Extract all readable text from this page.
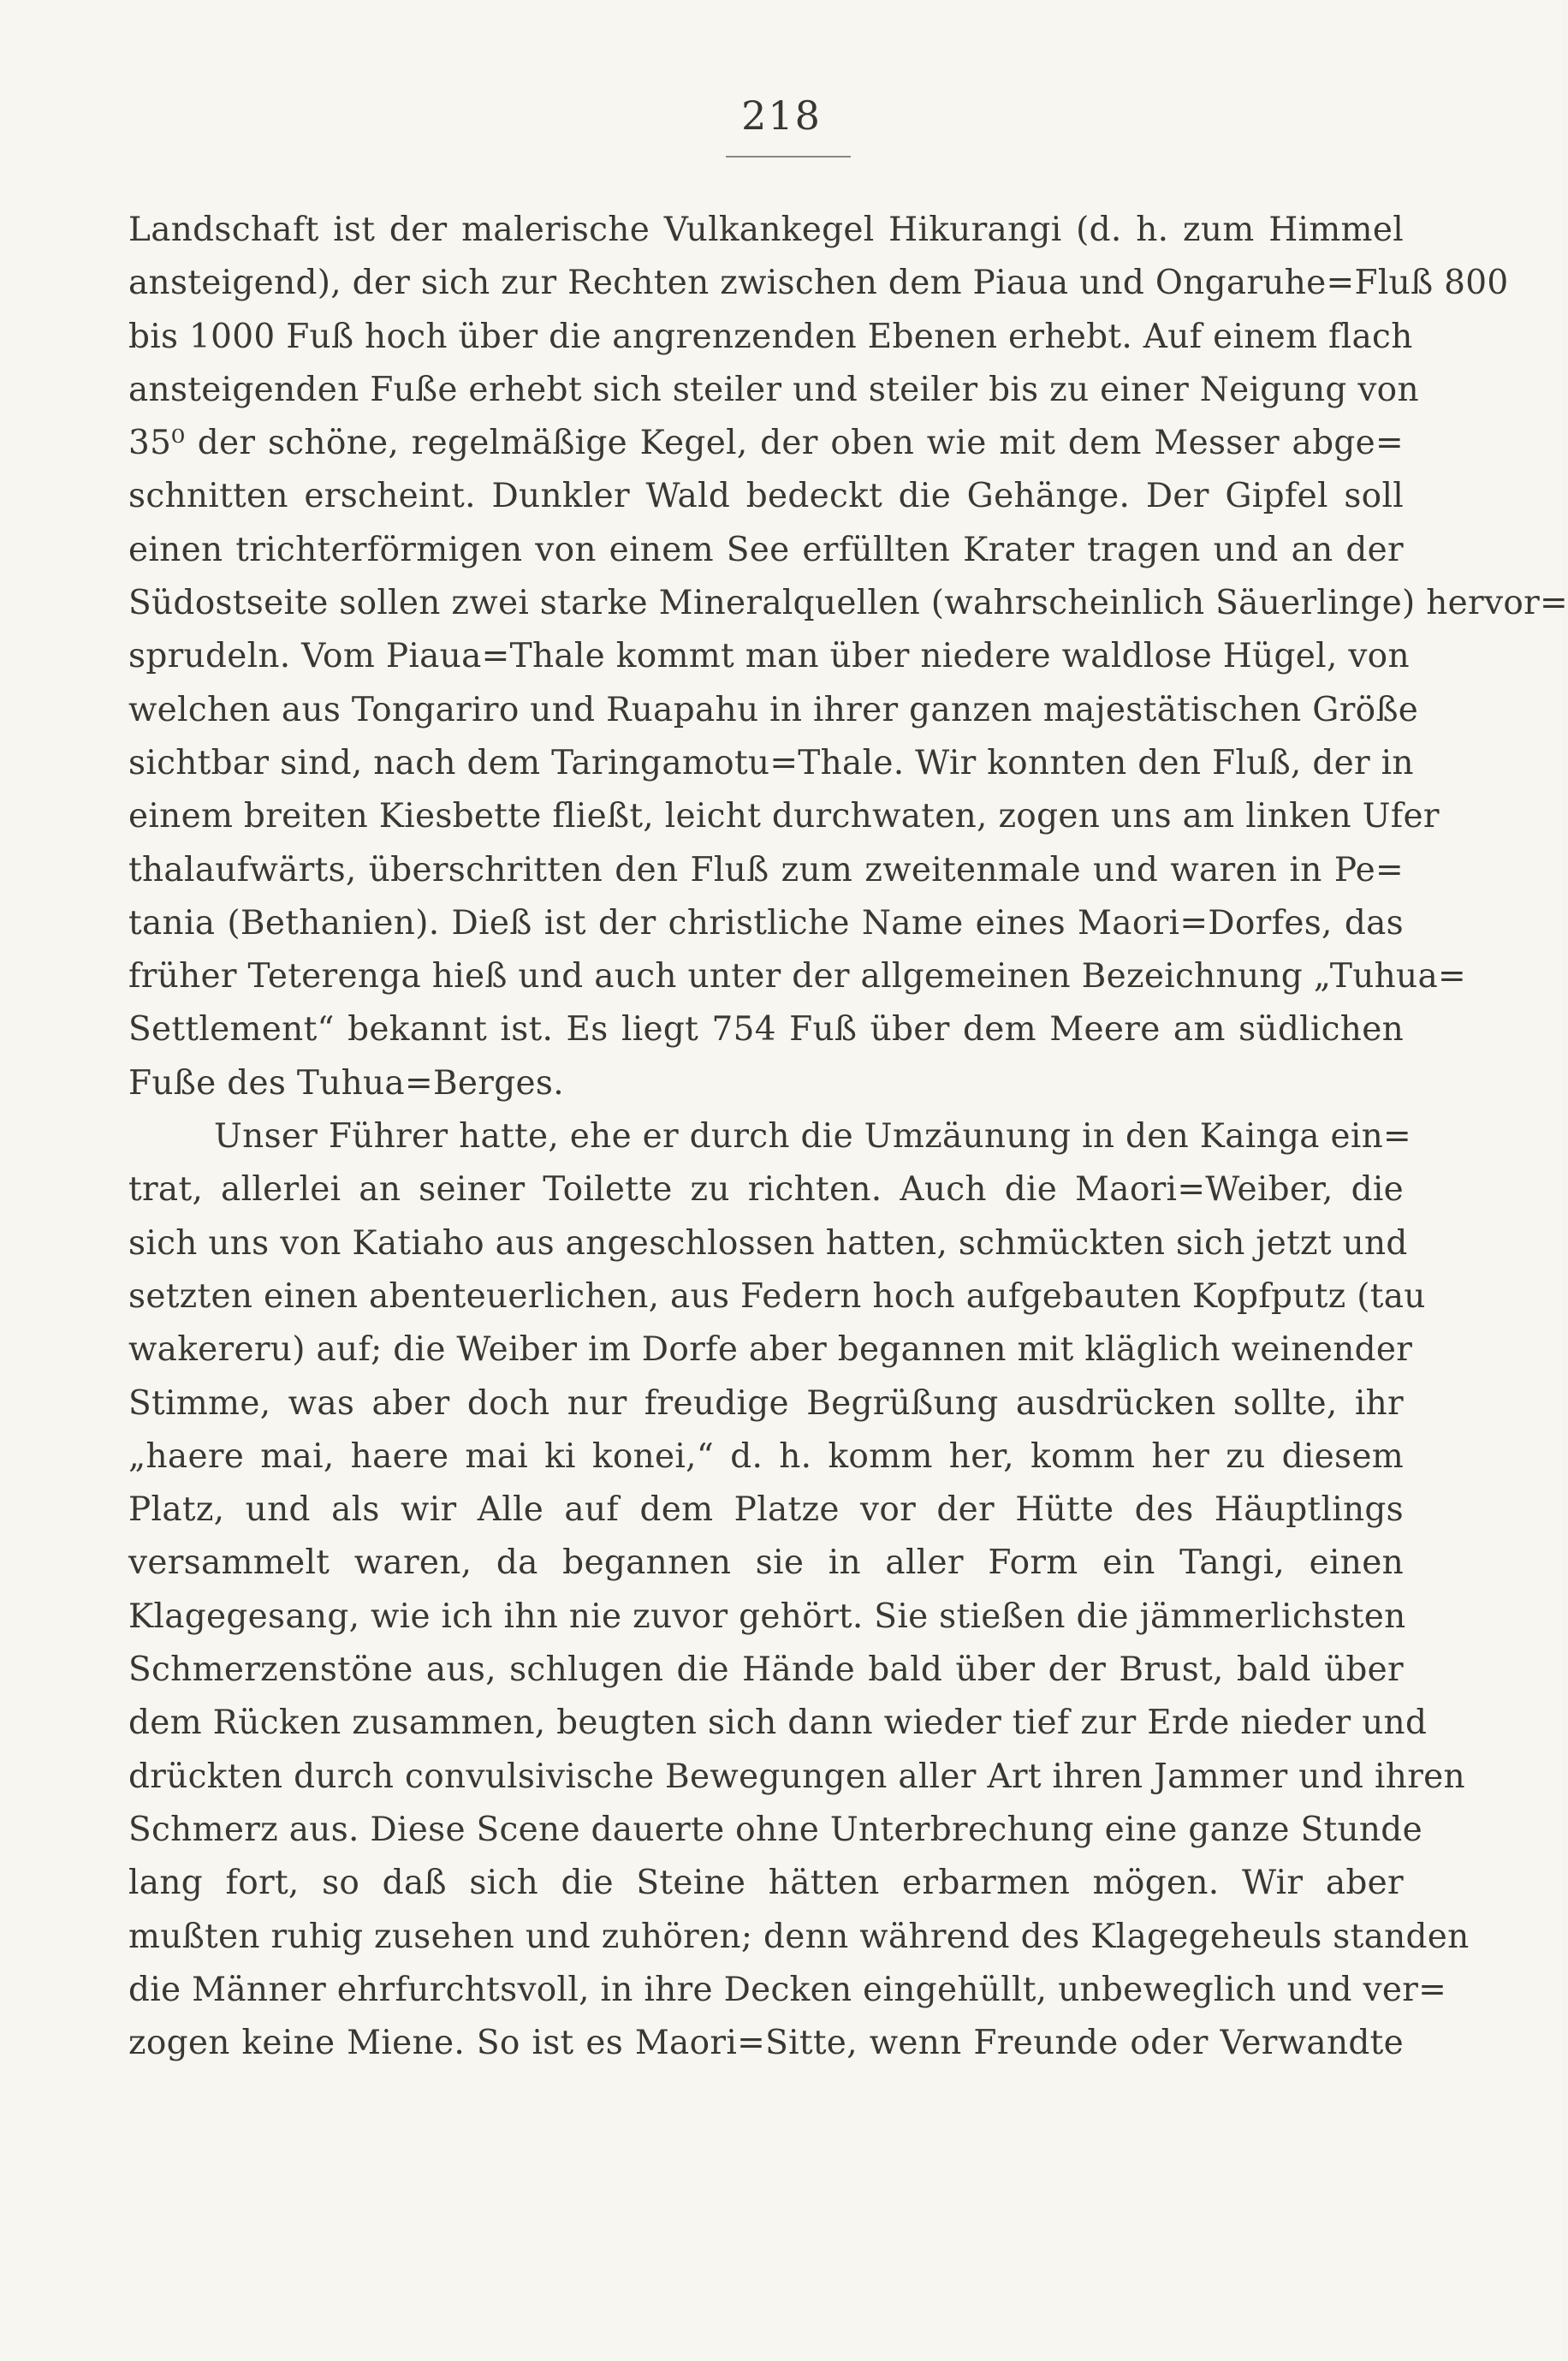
218
Landschaft ist der malerische Vulkankegel Hikurangi (d. h. zum Himmel
ansteigend), der sich zur Rechten zwischen dem Piaua und Ongaruhe=Fluß 800
bis 1000 Fuß hoch über die angrenzenden Ebenen erhebt. Auf einem flach
ansteigenden Fuße erhebt sich steiler und steiler bis zu einer Neigung von
35⁰ der schöne, regelmäßige Kegel, der oben wie mit dem Messer abge=
schnitten erscheint. Dunkler Wald bedeckt die Gehänge. Der Gipfel soll
einen trichterförmigen von einem See erfüllten Krater tragen und an der
Südostseite sollen zwei starke Mineralquellen (wahrscheinlich Säuerlinge) hervor=
sprudeln. Vom Piaua=Thale kommt man über niedere waldlose Hügel, von
welchen aus Tongariro und Ruapahu in ihrer ganzen majestätischen Größe
sichtbar sind, nach dem Taringamotu=Thale. Wir konnten den Fluß, der in
einem breiten Kiesbette fließt, leicht durchwaten, zogen uns am linken Ufer
thalaufwärts, überschritten den Fluß zum zweitenmale und waren in Pe=
tania (Bethanien). Dieß ist der christliche Name eines Maori=Dorfes, das
früher Teterenga hieß und auch unter der allgemeinen Bezeichnung „Tuhua=
Settlement“ bekannt ist. Es liegt 754 Fuß über dem Meere am südlichen
Fuße des Tuhua=Berges.
Unser Führer hatte, ehe er durch die Umzäunung in den Kainga ein=
trat, allerlei an seiner Toilette zu richten. Auch die Maori=Weiber, die
sich uns von Katiaho aus angeschlossen hatten, schmückten sich jetzt und
setzten einen abenteuerlichen, aus Federn hoch aufgebauten Kopfputz (tau
wakereru) auf; die Weiber im Dorfe aber begannen mit kläglich weinender
Stimme, was aber doch nur freudige Begrüßung ausdrücken sollte, ihr
„haere mai, haere mai ki konei,“ d. h. komm her, komm her zu diesem
Platz, und als wir Alle auf dem Platze vor der Hütte des Häuptlings
versammelt waren, da begannen sie in aller Form ein Tangi, einen
Klagegesang, wie ich ihn nie zuvor gehört. Sie stießen die jämmerlichsten
Schmerzenstöne aus, schlugen die Hände bald über der Brust, bald über
dem Rücken zusammen, beugten sich dann wieder tief zur Erde nieder und
drückten durch convulsivische Bewegungen aller Art ihren Jammer und ihren
Schmerz aus. Diese Scene dauerte ohne Unterbrechung eine ganze Stunde
lang fort, so daß sich die Steine hätten erbarmen mögen. Wir aber
mußten ruhig zusehen und zuhören; denn während des Klagegeheuls standen
die Männer ehrfurchtsvoll, in ihre Decken eingehüllt, unbeweglich und ver=
zogen keine Miene. So ist es Maori=Sitte, wenn Freunde oder Verwandte
